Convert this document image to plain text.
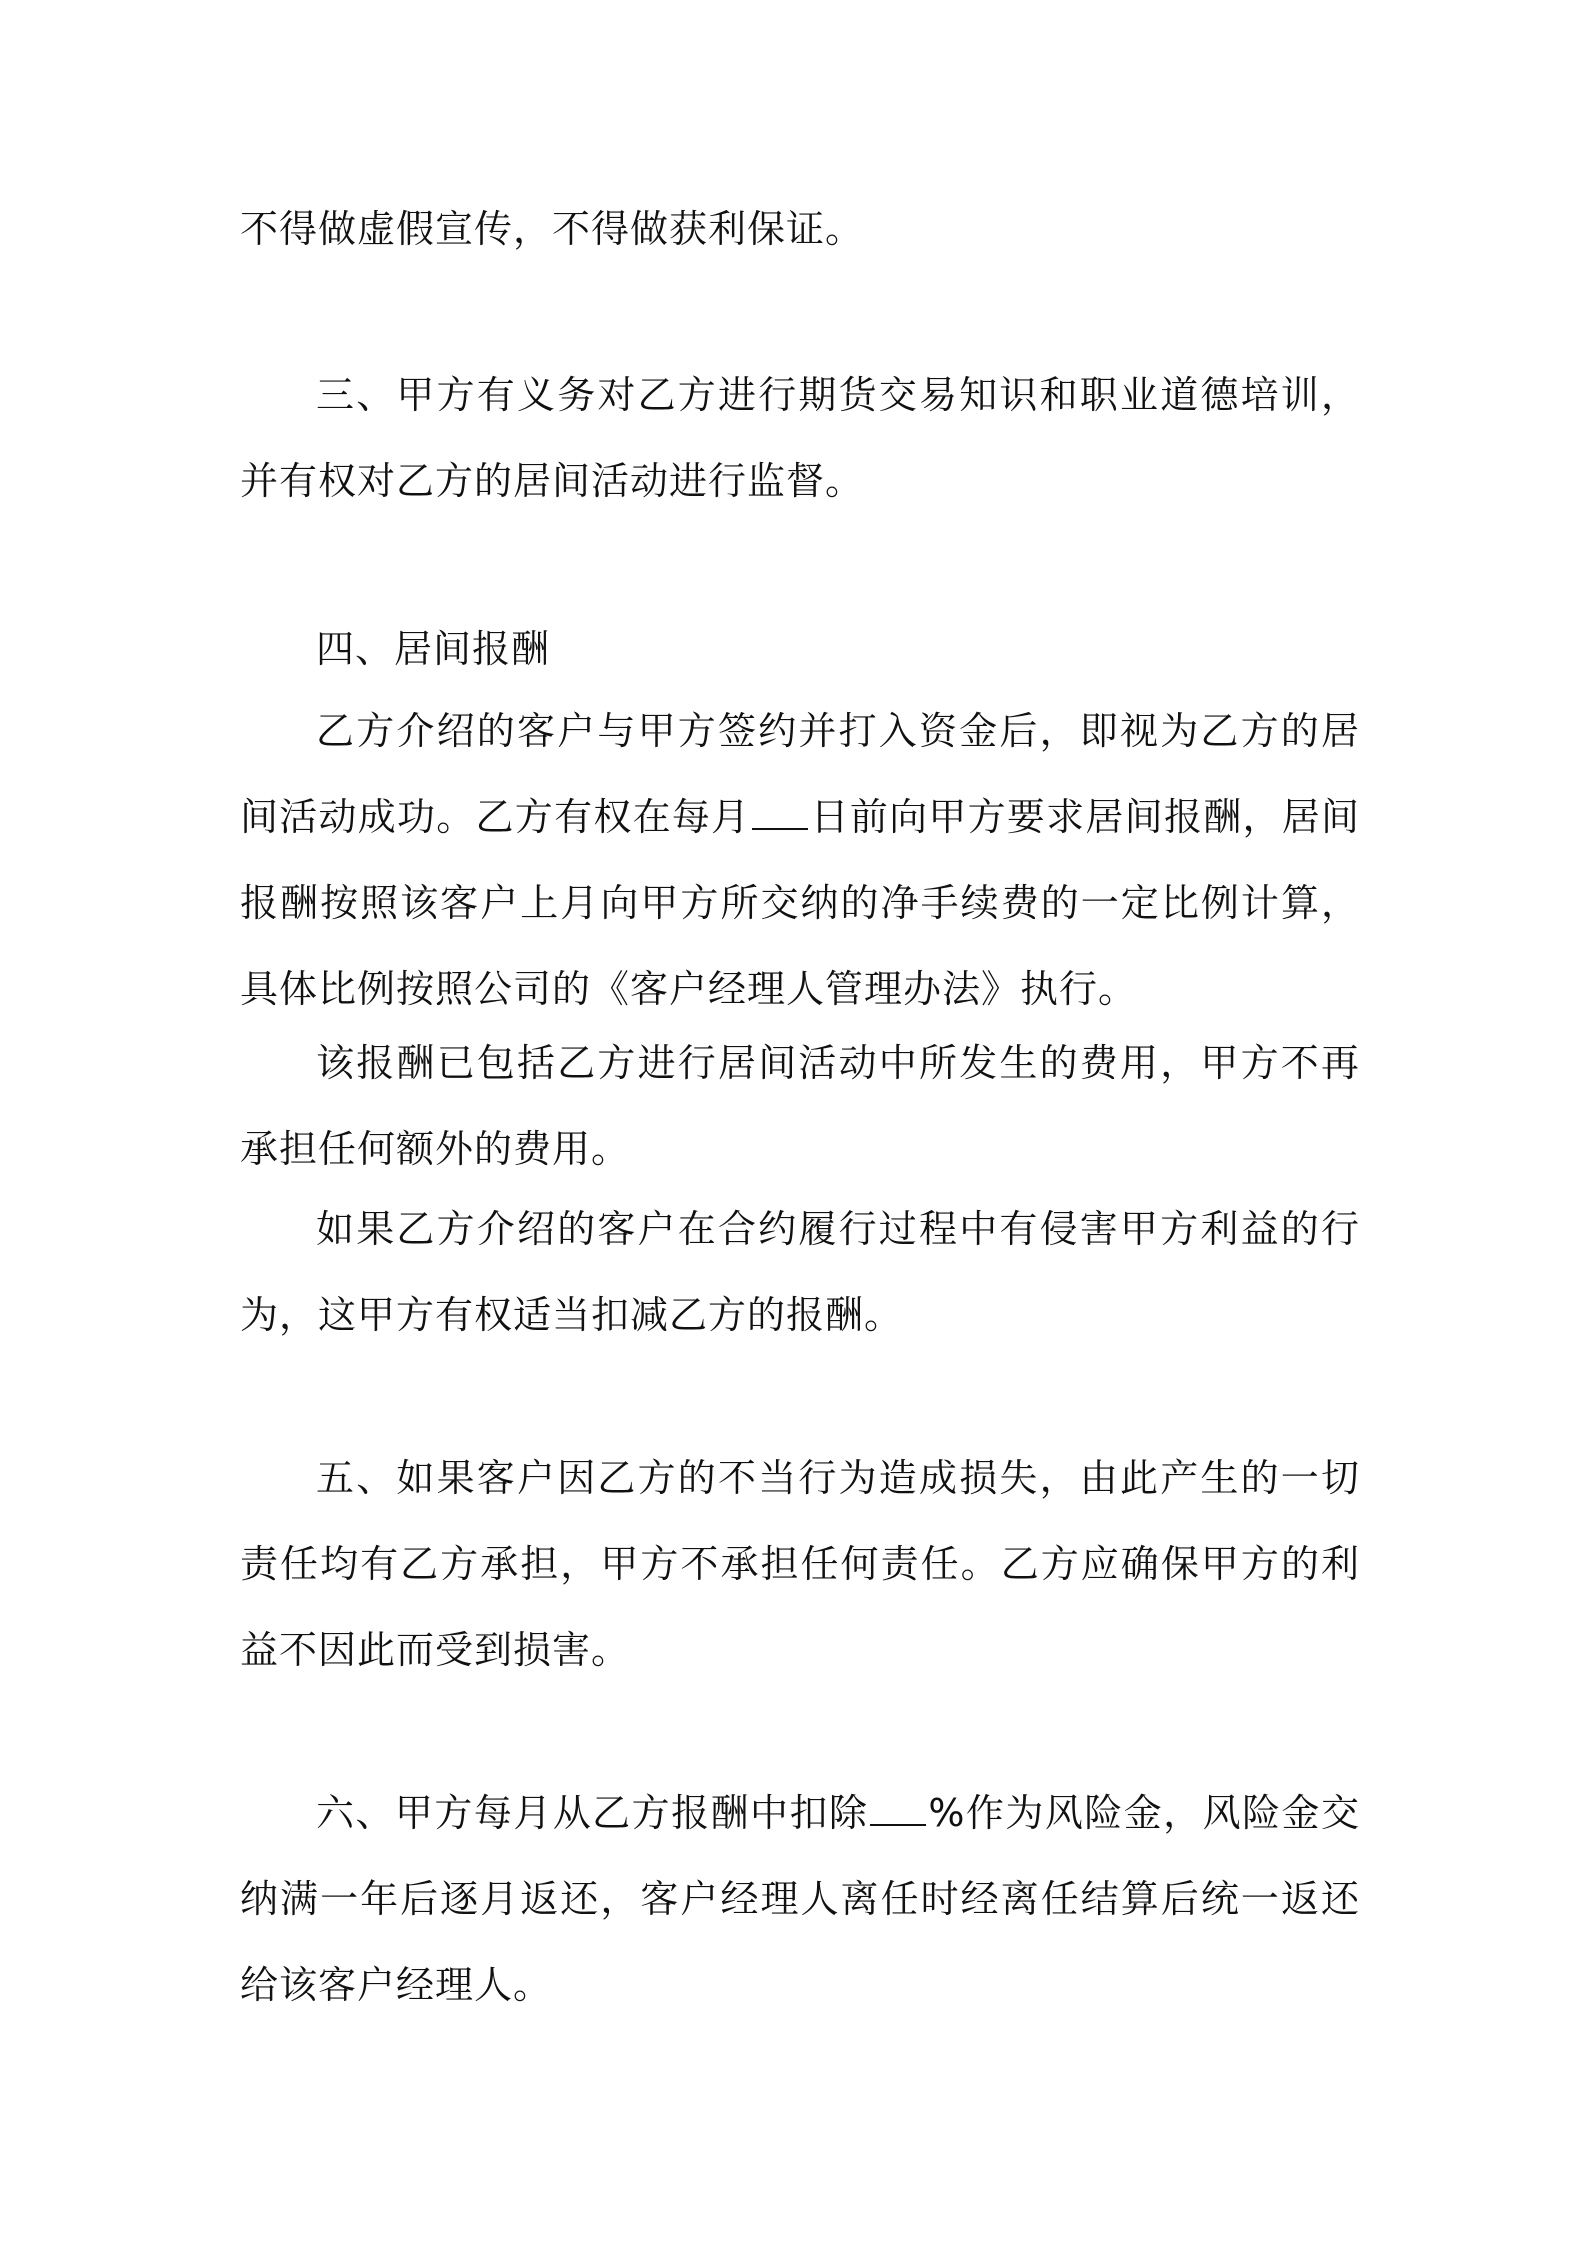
不得做虚假宣传，不得做获利保证。

三、甲方有义务对乙方进行期货交易知识和职业道德培训，并有权对乙方的居间活动进行监督。

四、居间报酬

乙方介绍的客户与甲方签约并打入资金后，即视为乙方的居间活动成功。乙方有权在每月 日前向甲方要求居间报酬，居间报酬按照该客户上月向甲方所交纳的净手续费的一定比例计算，具体比例按照公司的《客户经理人管理办法》执行。

该报酬已包括乙方进行居间活动中所发生的费用，甲方不再承担任何额外的费用。

如果乙方介绍的客户在合约履行过程中有侵害甲方利益的行为，这甲方有权适当扣减乙方的报酬。

五、如果客户因乙方的不当行为造成损失，由此产生的一切责任均有乙方承担，甲方不承担任何责任。乙方应确保甲方的利益不因此而受到损害。

六、甲方每月从乙方报酬中扣除 %作为风险金，风险金交纳满一年后逐月返还，客户经理人离任时经离任结算后统一返还给该客户经理人。
